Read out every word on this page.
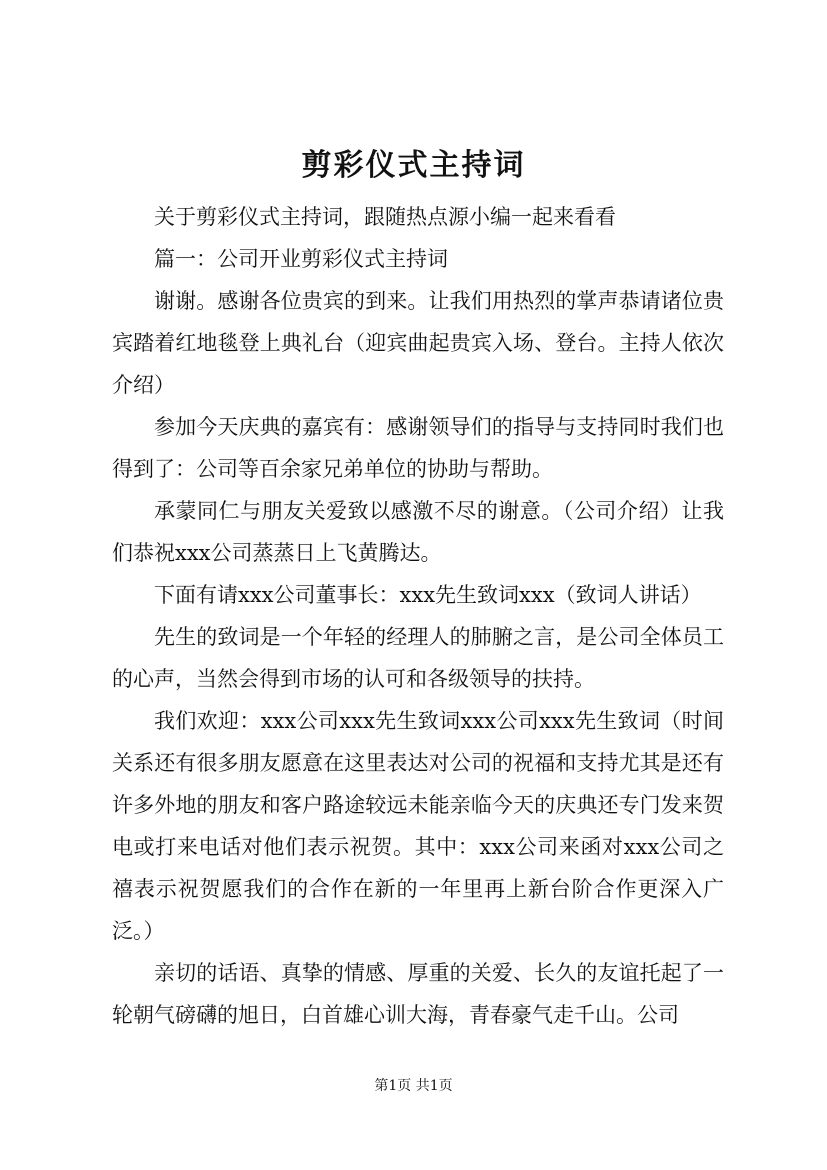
剪彩仪式主持词

关于剪彩仪式主持词，跟随热点源小编一起来看看

篇一：公司开业剪彩仪式主持词

谢谢。感谢各位贵宾的到来。让我们用热烈的掌声恭请诸位贵宾踏着红地毯登上典礼台（迎宾曲起贵宾入场、登台。主持人依次介绍）

参加今天庆典的嘉宾有：感谢领导们的指导与支持同时我们也得到了：公司等百余家兄弟单位的协助与帮助。

承蒙同仁与朋友关爱致以感激不尽的谢意。（公司介绍）让我们恭祝xxx公司蒸蒸日上飞黄腾达。

下面有请xxx公司董事长：xxx先生致词xxx（致词人讲话）

先生的致词是一个年轻的经理人的肺腑之言，是公司全体员工的心声，当然会得到市场的认可和各级领导的扶持。

我们欢迎：xxx公司xxx先生致词xxx公司xxx先生致词（时间关系还有很多朋友愿意在这里表达对公司的祝福和支持尤其是还有许多外地的朋友和客户路途较远未能亲临今天的庆典还专门发来贺电或打来电话对他们表示祝贺。其中：xxx公司来函对xxx公司之禧表示祝贺愿我们的合作在新的一年里再上新台阶合作更深入广泛。）

亲切的话语、真挚的情感、厚重的关爱、长久的友谊托起了一轮朝气磅礴的旭日，白首雄心训大海，青春豪气走千山。公司

第1页 共1页
